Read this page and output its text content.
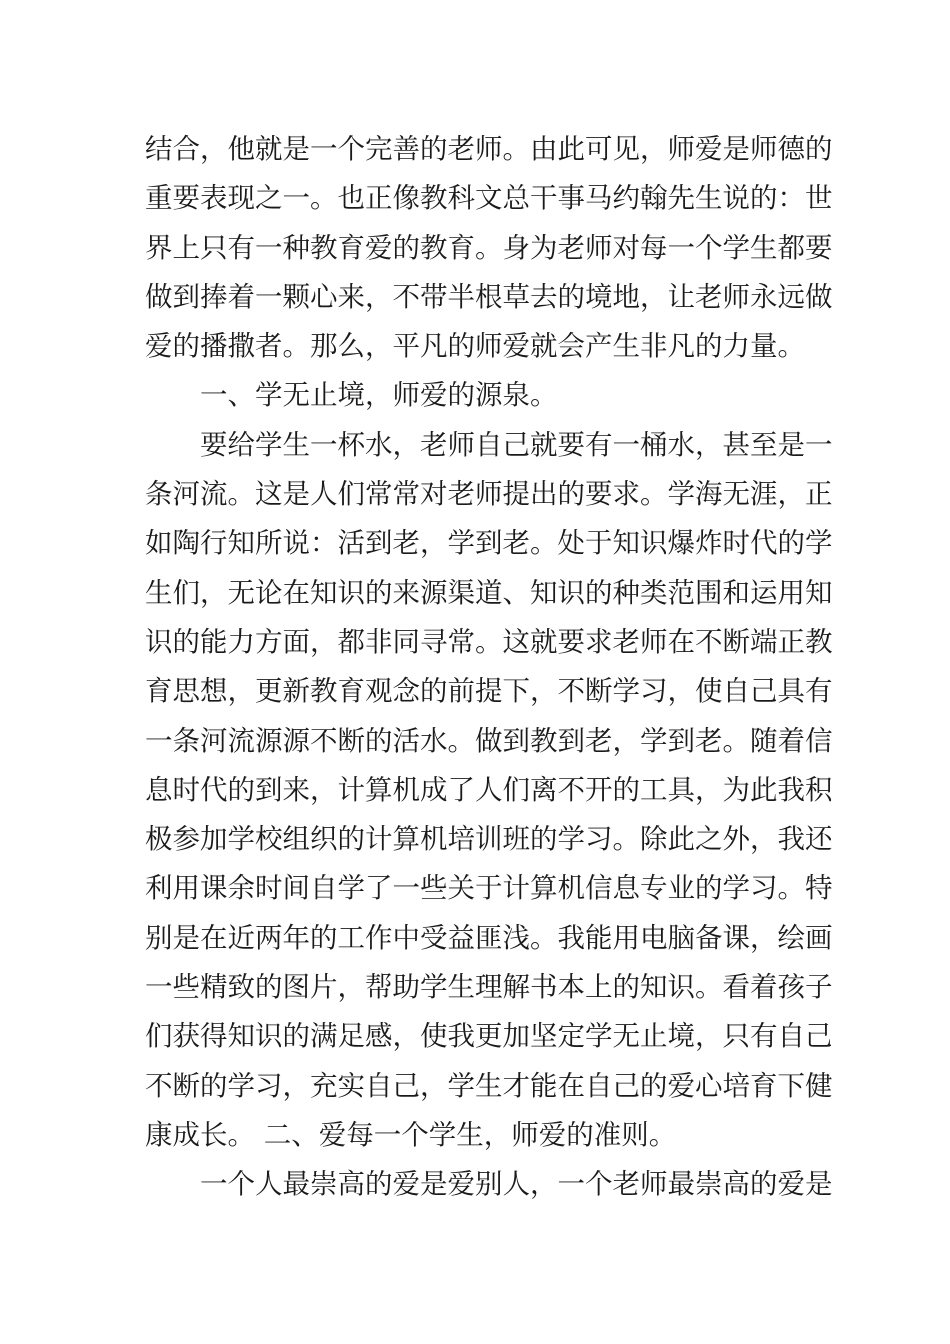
结合，他就是一个完善的老师。由此可见，师爱是师德的
重要表现之一。也正像教科文总干事马约翰先生说的：世
界上只有一种教育爱的教育。身为老师对每一个学生都要
做到捧着一颗心来，不带半根草去的境地，让老师永远做
爱的播撒者。那么，平凡的师爱就会产生非凡的力量。
一、学无止境，师爱的源泉。
要给学生一杯水，老师自己就要有一桶水，甚至是一
条河流。这是人们常常对老师提出的要求。学海无涯，正
如陶行知所说：活到老，学到老。处于知识爆炸时代的学
生们，无论在知识的来源渠道、知识的种类范围和运用知
识的能力方面，都非同寻常。这就要求老师在不断端正教
育思想，更新教育观念的前提下，不断学习，使自己具有
一条河流源源不断的活水。做到教到老，学到老。随着信
息时代的到来，计算机成了人们离不开的工具，为此我积
极参加学校组织的计算机培训班的学习。除此之外，我还
利用课余时间自学了一些关于计算机信息专业的学习。特
别是在近两年的工作中受益匪浅。我能用电脑备课，绘画
一些精致的图片，帮助学生理解书本上的知识。看着孩子
们获得知识的满足感，使我更加坚定学无止境，只有自己
不断的学习，充实自己，学生才能在自己的爱心培育下健
康成长。 二、爱每一个学生，师爱的准则。
一个人最崇高的爱是爱别人，一个老师最崇高的爱是
